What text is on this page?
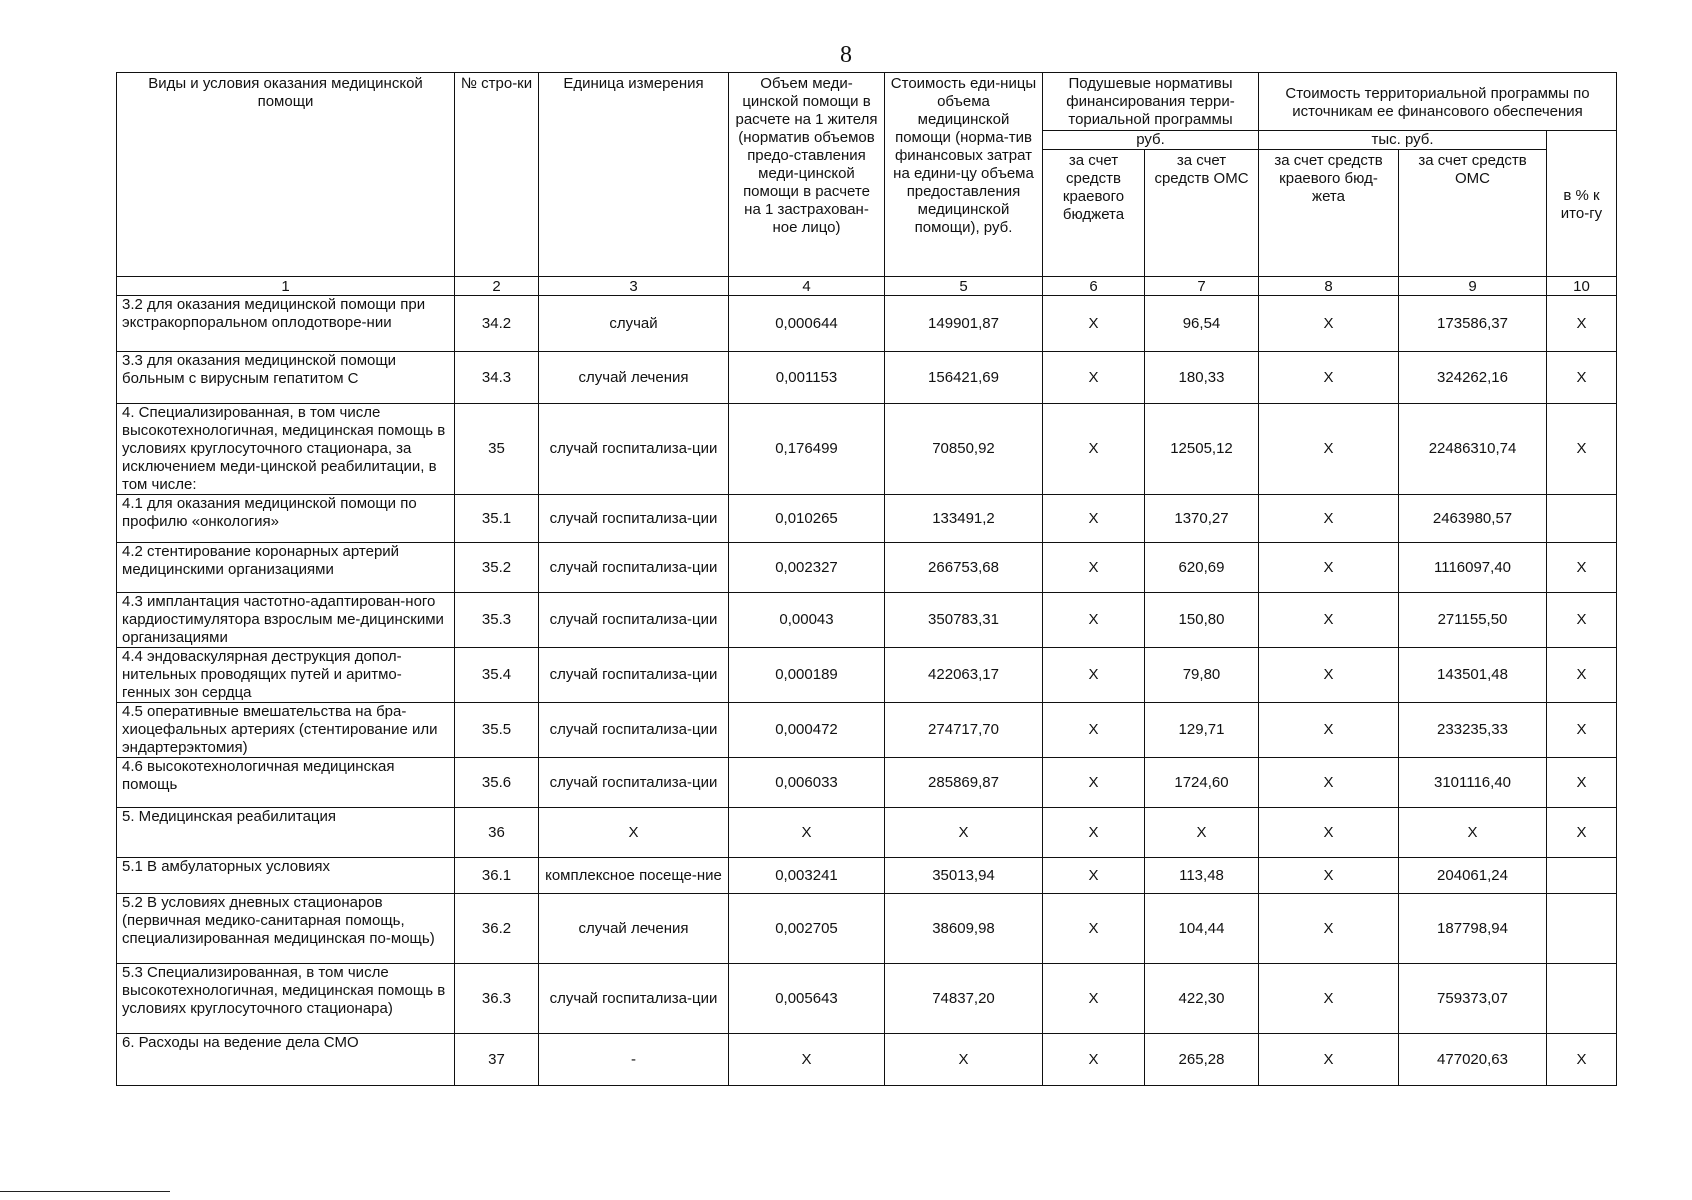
8
Виды и условия оказания медицинской помощи	№ стро-ки	Единица измерения	Объем меди-цинской помощи в расчете на 1 жителя (норматив объемов предо-ставления меди-цинской помощи в расчете на 1 застрахован-ное лицо)	Стоимость еди-ницы объема медицинской помощи (норма-тив финансовых затрат на едини-цу объема предоставления медицинской помощи), руб.	Подушевые нормативы финансирования терри-ториальной программы		Стоимость территориальной программы по источникам ее финансового обеспечения		
					руб.		тыс. руб.		в % к ито-гу
					за счет средств краевого бюджета	за счет средств ОМС	за счет средств краевого бюд-жета	за счет средств ОМС	
1	2	3	4	5	6	7	8	9	10
3.2 для оказания медицинской помощи при экстракорпоральном оплодотворе-нии	34.2	случай	0,000644	149901,87	Х	96,54	Х	173586,37	Х
3.3 для оказания медицинской помощи больным с вирусным гепатитом С	34.3	случай лечения	0,001153	156421,69	Х	180,33	Х	324262,16	Х
4. Специализированная, в том числе высокотехнологичная, медицинская помощь в условиях круглосуточного стационара, за исключением меди-цинской реабилитации, в том числе:	35	случай госпитализа-ции	0,176499	70850,92	Х	12505,12	Х	22486310,74	Х
4.1 для оказания медицинской помощи по профилю «онкология»	35.1	случай госпитализа-ции	0,010265	133491,2	Х	1370,27	Х	2463980,57	
4.2 стентирование коронарных артерий медицинскими организациями	35.2	случай госпитализа-ции	0,002327	266753,68	Х	620,69	Х	1116097,40	Х
4.3 имплантация частотно-адаптирован-ного кардиостимулятора взрослым ме-дицинскими организациями	35.3	случай госпитализа-ции	0,00043	350783,31	Х	150,80	Х	271155,50	Х
4.4 эндоваскулярная деструкция допол-нительных проводящих путей и аритмо-генных зон сердца	35.4	случай госпитализа-ции	0,000189	422063,17	Х	79,80	Х	143501,48	Х
4.5 оперативные вмешательства на бра-хиоцефальных артериях (стентирование или эндартерэктомия)	35.5	случай госпитализа-ции	0,000472	274717,70	Х	129,71	Х	233235,33	Х
4.6 высокотехнологичная медицинская помощь	35.6	случай госпитализа-ции	0,006033	285869,87	Х	1724,60	Х	3101116,40	Х
5. Медицинская реабилитация	36	Х	Х	Х	Х	Х	Х	Х	Х
5.1 В амбулаторных условиях	36.1	комплексное посеще-ние	0,003241	35013,94	Х	113,48	Х	204061,24	
5.2 В условиях дневных стационаров (первичная медико-санитарная помощь, специализированная медицинская по-мощь)	36.2	случай лечения	0,002705	38609,98	Х	104,44	Х	187798,94	
5.3 Специализированная, в том числе высокотехнологичная, медицинская помощь в условиях круглосуточного стационара)	36.3	случай госпитализа-ции	0,005643	74837,20	Х	422,30	Х	759373,07	
6. Расходы на ведение дела СМО	37	-	Х	Х	Х	265,28	Х	477020,63	Х
